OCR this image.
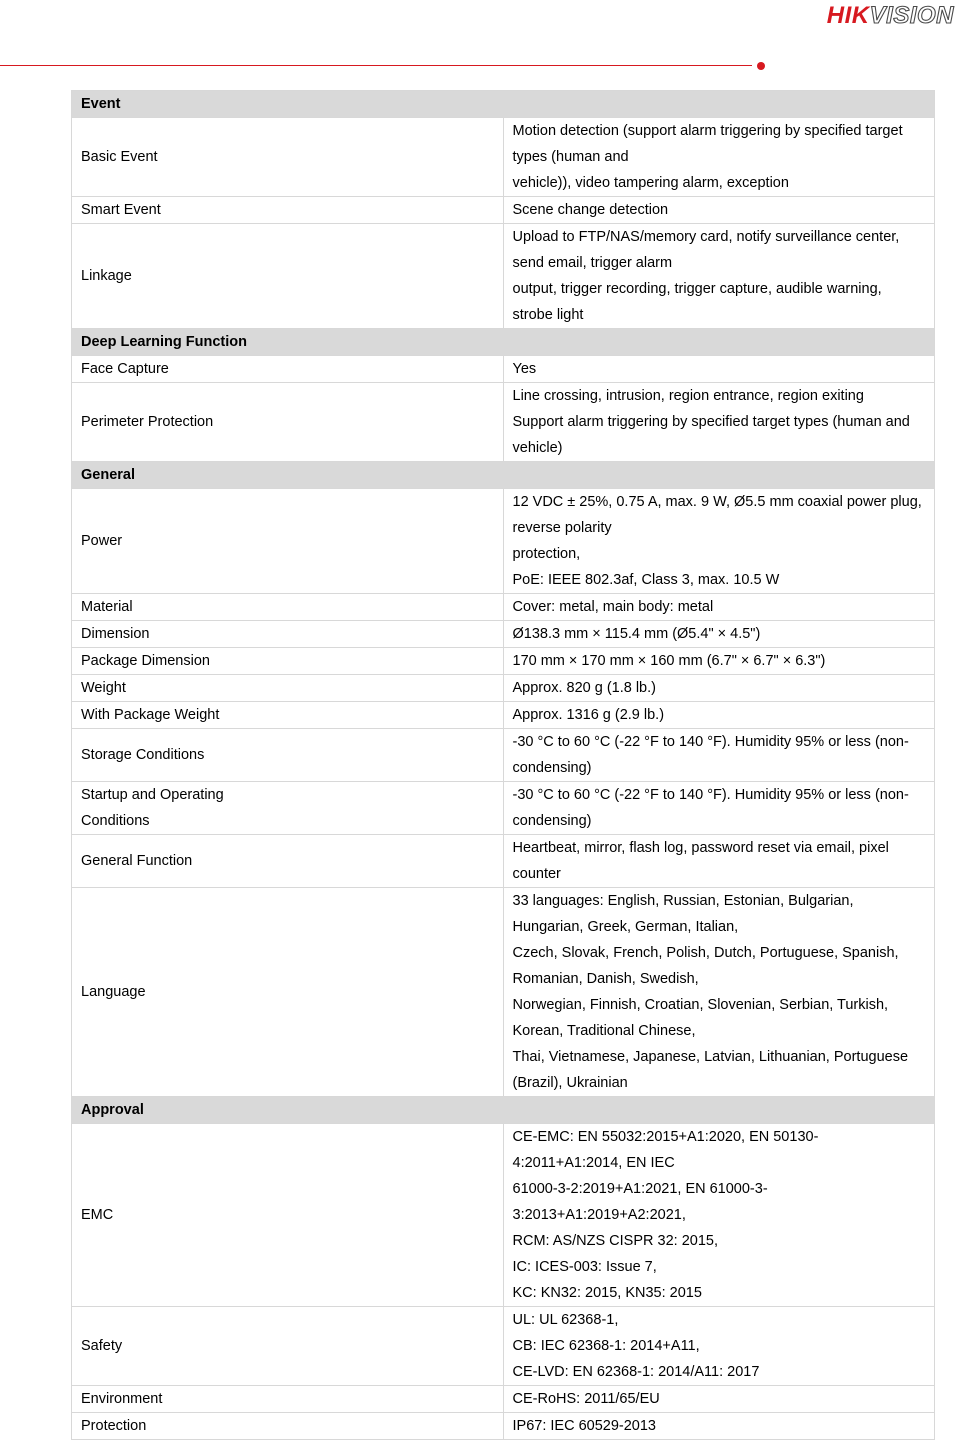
HIKVISION
Event	
Basic Event	Motion detection (support alarm triggering by specified target types (human and
vehicle)), video tampering alarm, exception

Smart Event	Scene change detection

Linkage	Upload to FTP/NAS/memory card, notify surveillance center, send email, trigger alarm
output, trigger recording, trigger capture, audible warning, strobe light

Deep Learning Function	
Face Capture	Yes

Perimeter Protection	Line crossing, intrusion, region entrance, region exiting
Support alarm triggering by specified target types (human and vehicle)

General	
Power	12 VDC ± 25%, 0.75 A, max. 9 W, Ø5.5 mm coaxial power plug, reverse polarity
protection,
PoE: IEEE 802.3af, Class 3, max. 10.5 W

Material	Cover: metal, main body: metal

Dimension	Ø138.3 mm × 115.4 mm (Ø5.4" × 4.5")

Package Dimension	170 mm × 170 mm × 160 mm (6.7" × 6.7" × 6.3")

Weight	Approx. 820 g (1.8 lb.)

With Package Weight	Approx. 1316 g (2.9 lb.)

Storage Conditions	-30 °C to 60 °C (-22 °F to 140 °F). Humidity 95% or less (non-condensing)

Startup and Operating
Conditions	-30 °C to 60 °C (-22 °F to 140 °F). Humidity 95% or less (non-condensing)

General Function	Heartbeat, mirror, flash log, password reset via email, pixel counter

Language	33 languages: English, Russian, Estonian, Bulgarian, Hungarian, Greek, German, Italian,
Czech, Slovak, French, Polish, Dutch, Portuguese, Spanish, Romanian, Danish, Swedish,
Norwegian, Finnish, Croatian, Slovenian, Serbian, Turkish, Korean, Traditional Chinese,
Thai, Vietnamese, Japanese, Latvian, Lithuanian, Portuguese (Brazil), Ukrainian

Approval	
EMC	CE-EMC: EN 55032:2015+A1:2020, EN 50130-4:2011+A1:2014, EN IEC
61000-3-2:2019+A1:2021, EN 61000-3-3:2013+A1:2019+A2:2021,
RCM: AS/NZS CISPR 32: 2015,
IC: ICES-003: Issue 7,
KC: KN32: 2015, KN35: 2015

Safety	UL: UL 62368-1,
CB: IEC 62368-1: 2014+A11,
CE-LVD: EN 62368-1: 2014/A11: 2017

Environment	CE-RoHS: 2011/65/EU

Protection	IP67: IEC 60529-2013
